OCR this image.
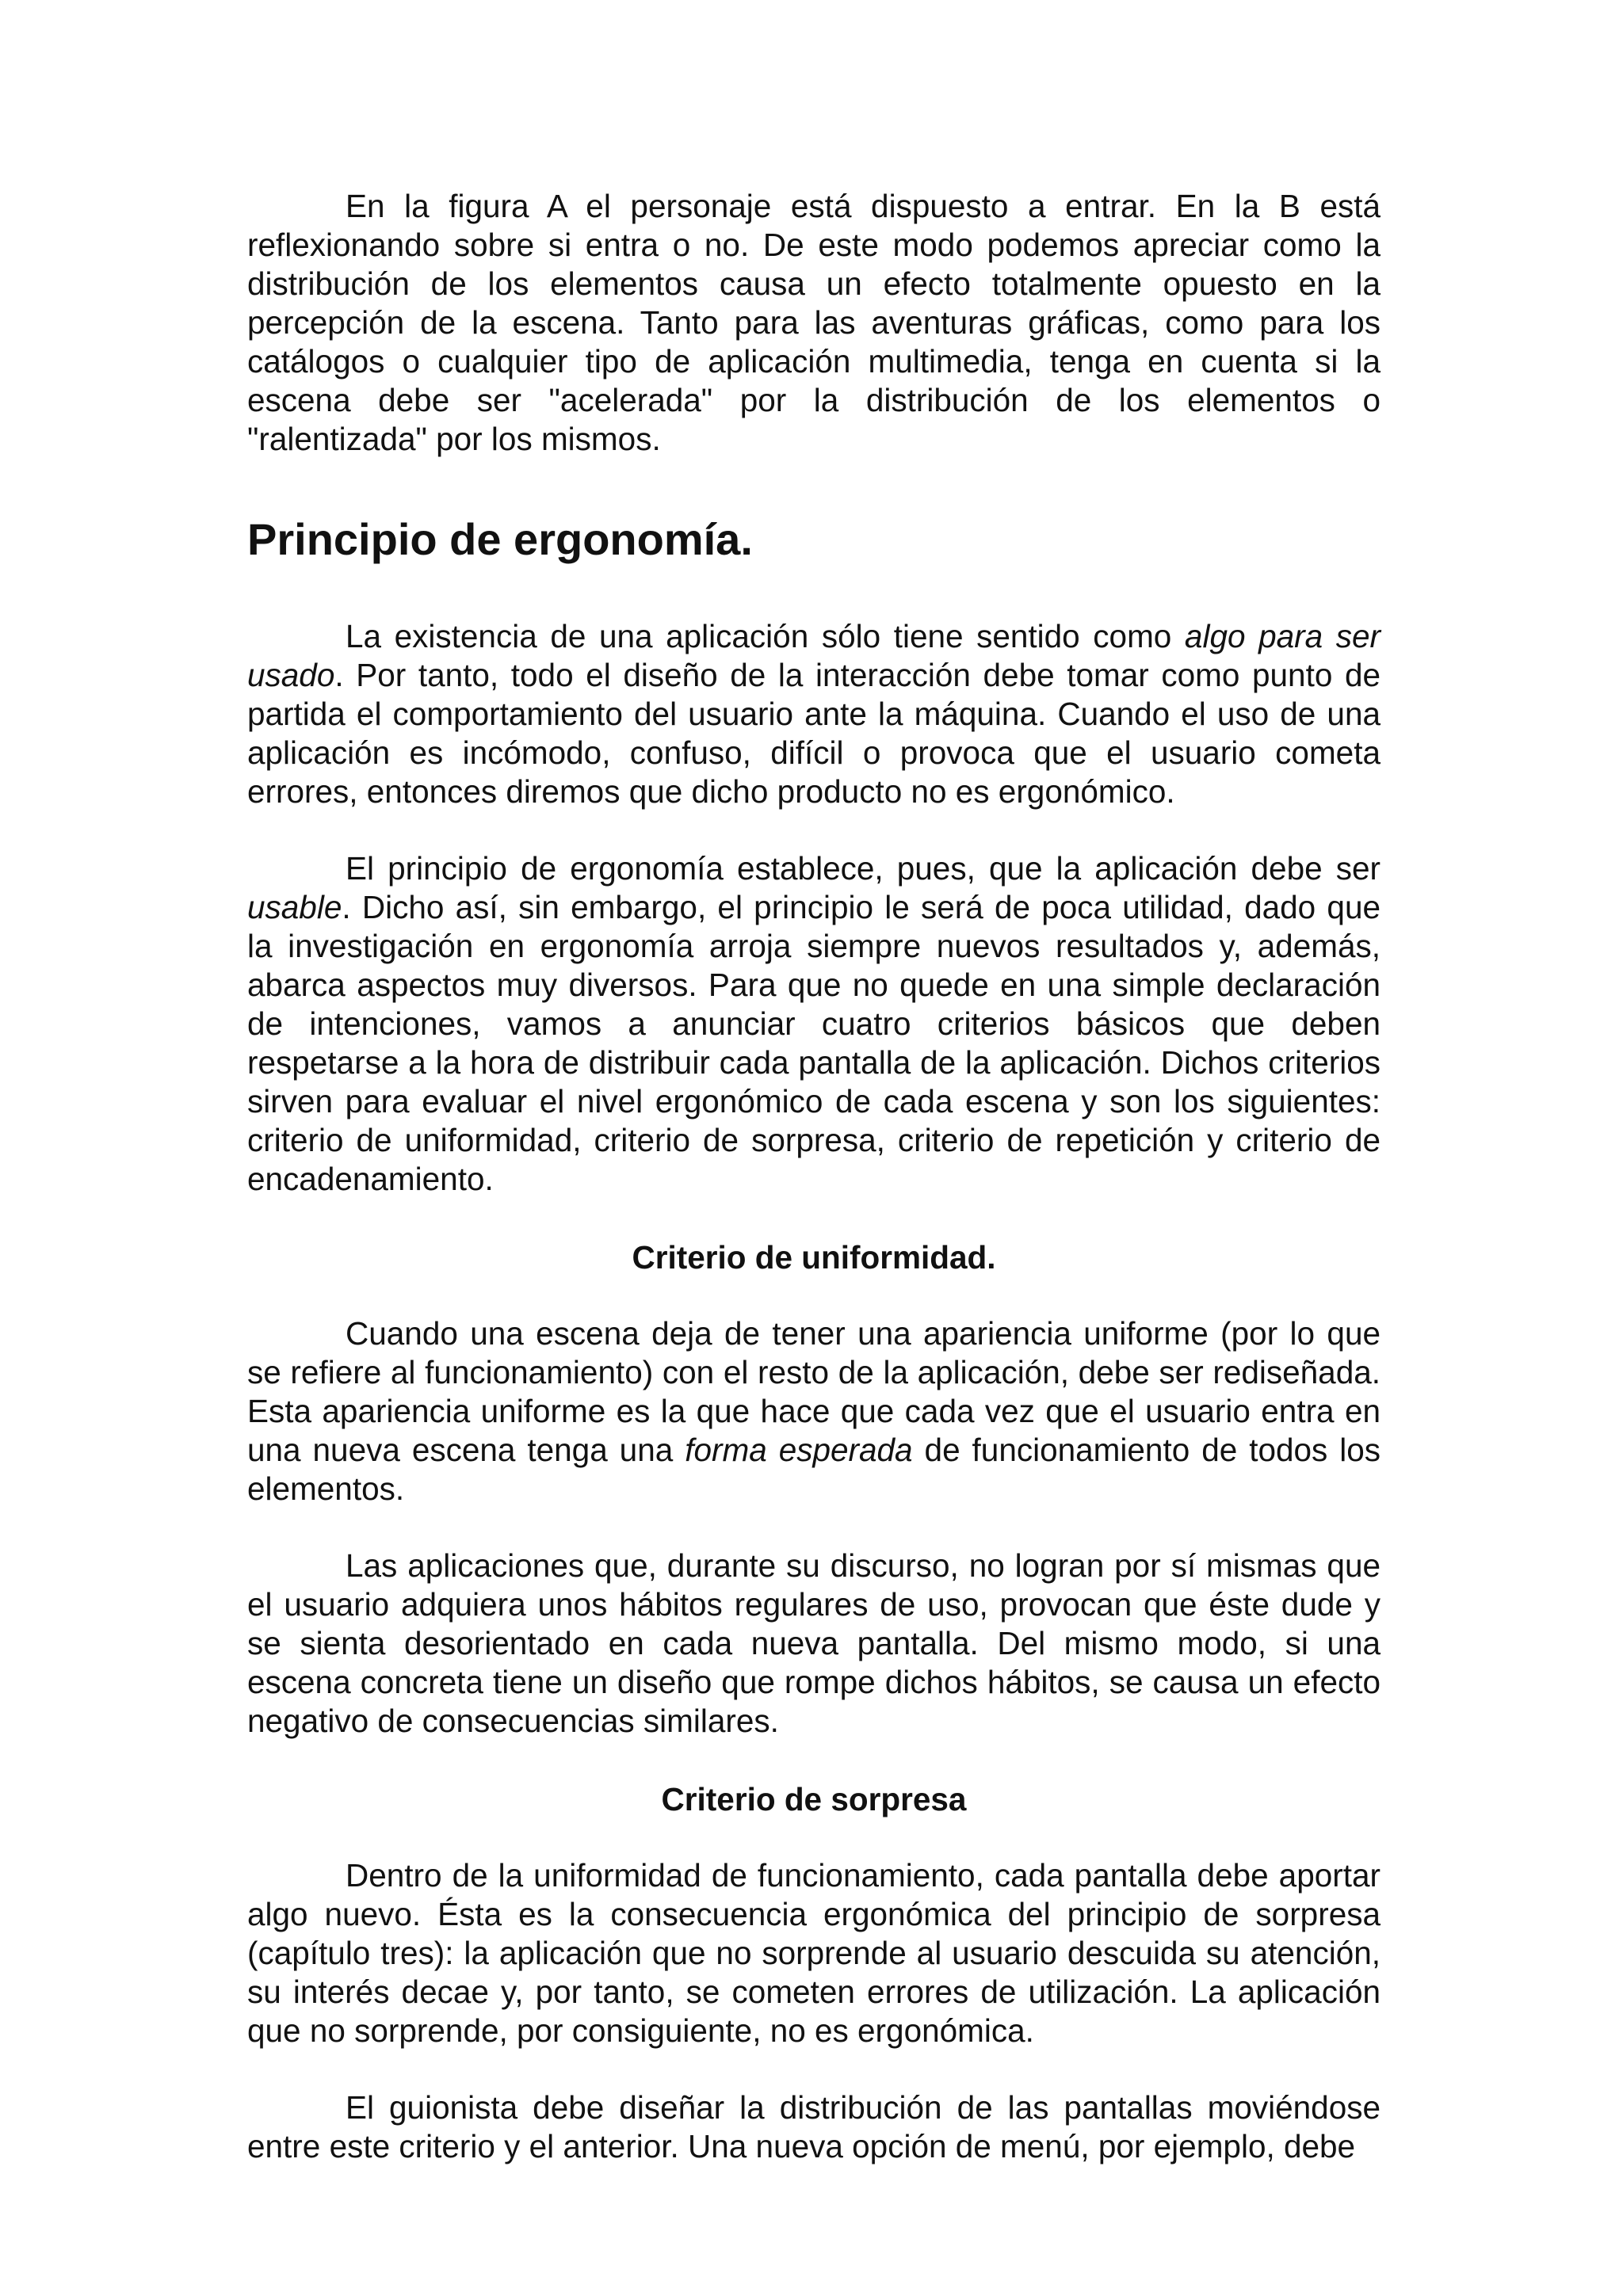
En la figura A el personaje está dispuesto a entrar. En la B está reflexionando sobre si entra o no. De este modo podemos apreciar como la distribución de los elementos causa un efecto totalmente opuesto en la percepción de la escena. Tanto para las aventuras gráficas, como para los catálogos o cualquier tipo de aplicación multimedia, tenga en cuenta si la escena debe ser "acelerada" por la distribución de los elementos o "ralentizada" por los mismos.

Principio de ergonomía.

La existencia de una aplicación sólo tiene sentido como algo para ser usado. Por tanto, todo el diseño de la interacción debe tomar como punto de partida el comportamiento del usuario ante la máquina. Cuando el uso de una aplicación es incómodo, confuso, difícil o provoca que el usuario cometa errores, entonces diremos que dicho producto no es ergonómico.

El principio de ergonomía establece, pues, que la aplicación debe ser usable. Dicho así, sin embargo, el principio le será de poca utilidad, dado que la investigación en ergonomía arroja siempre nuevos resultados y, además, abarca aspectos muy diversos. Para que no quede en una simple declaración de intenciones, vamos a anunciar cuatro criterios básicos que deben respetarse a la hora de distribuir cada pantalla de la aplicación. Dichos criterios sirven para evaluar el nivel ergonómico de cada escena y son los siguientes: criterio de uniformidad, criterio de sorpresa, criterio de repetición y criterio de encadenamiento.

Criterio de uniformidad.

Cuando una escena deja de tener una apariencia uniforme (por lo que se refiere al funcionamiento) con el resto de la aplicación, debe ser rediseñada. Esta apariencia uniforme es la que hace que cada vez que el usuario entra en una nueva escena tenga una forma esperada de funcionamiento de todos los elementos.

Las aplicaciones que, durante su discurso, no logran por sí mismas que el usuario adquiera unos hábitos regulares de uso, provocan que éste dude y se sienta desorientado en cada nueva pantalla. Del mismo modo, si una escena concreta tiene un diseño que rompe dichos hábitos, se causa un efecto negativo de consecuencias similares.

Criterio de sorpresa

Dentro de la uniformidad de funcionamiento, cada pantalla debe aportar algo nuevo. Ésta es la consecuencia ergonómica del principio de sorpresa (capítulo tres): la aplicación que no sorprende al usuario descuida su atención, su interés decae y, por tanto, se cometen errores de utilización. La aplicación que no sorprende, por consiguiente, no es ergonómica.

El guionista debe diseñar la distribución de las pantallas moviéndose entre este criterio y el anterior. Una nueva opción de menú, por ejemplo, debe
